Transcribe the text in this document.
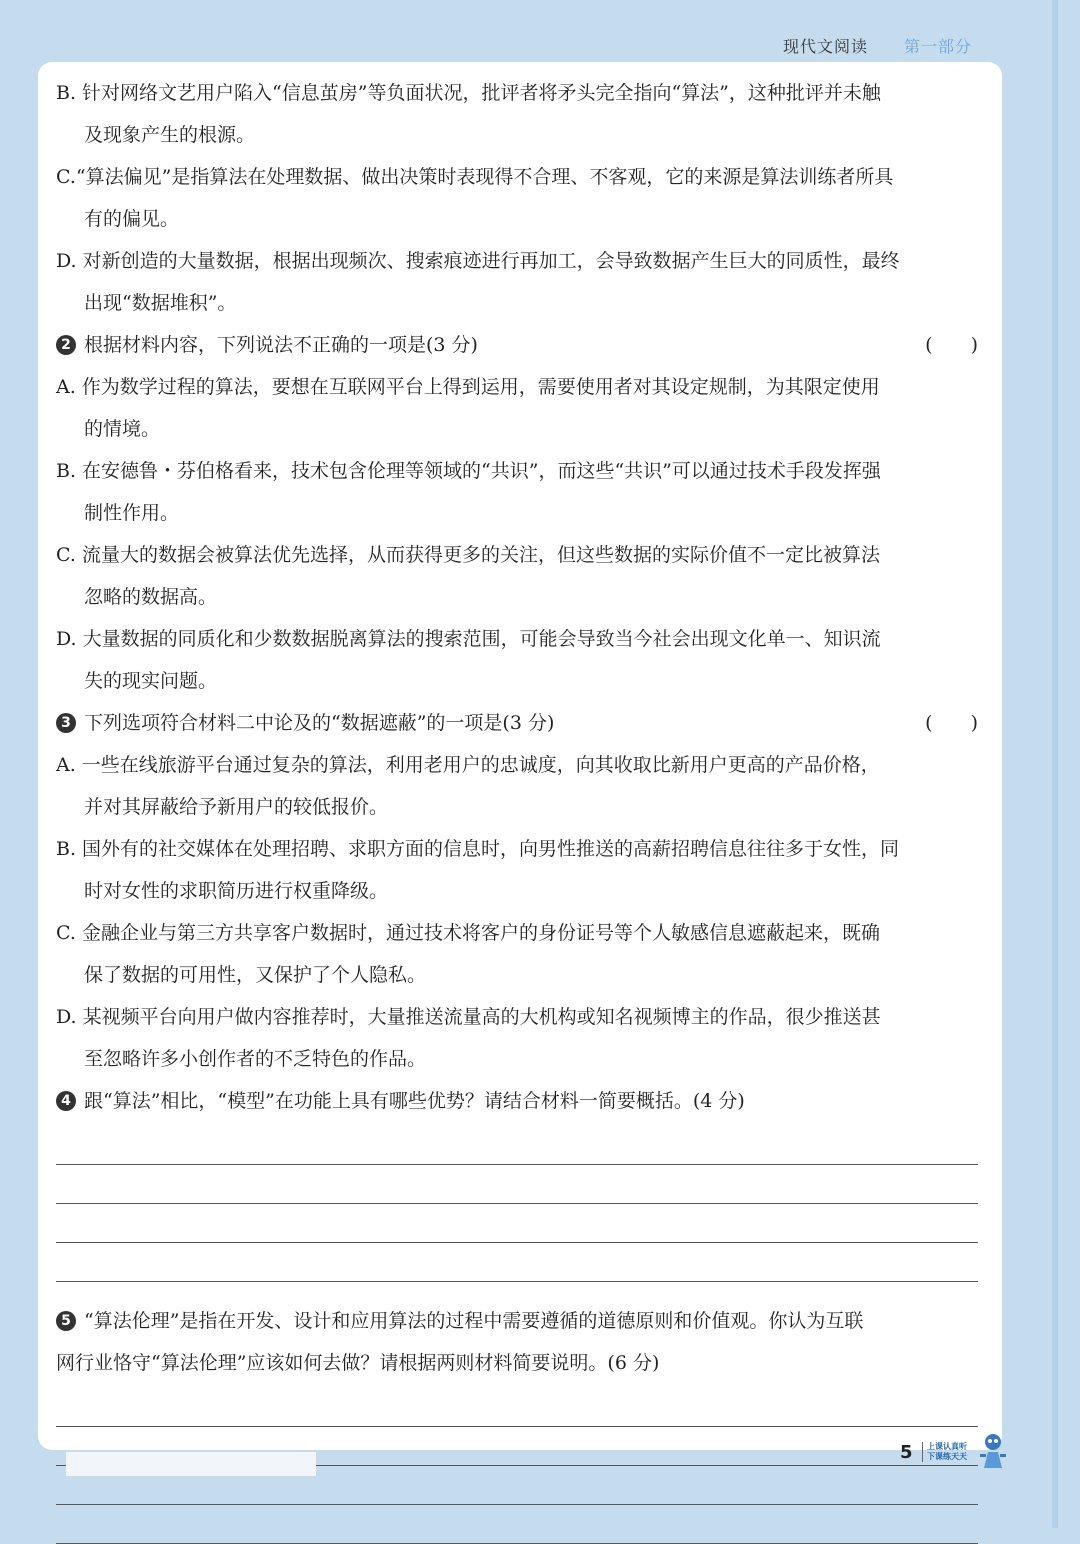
现代文阅读 第一部分
B. 针对网络文艺用户陷入“信息茧房”等负面状况，批评者将矛头完全指向“算法”，这种批评并未触
及现象产生的根源。
C.“算法偏见”是指算法在处理数据、做出决策时表现得不合理、不客观，它的来源是算法训练者所具
有的偏见。
D. 对新创造的大量数据，根据出现频次、搜索痕迹进行再加工，会导致数据产生巨大的同质性，最终
出现“数据堆积”。
2 根据材料内容，下列说法不正确的一项是(3 分)	(　　)
A. 作为数学过程的算法，要想在互联网平台上得到运用，需要使用者对其设定规制，为其限定使用
的情境。
B. 在安德鲁・芬伯格看来，技术包含伦理等领域的“共识”，而这些“共识”可以通过技术手段发挥强
制性作用。
C. 流量大的数据会被算法优先选择，从而获得更多的关注，但这些数据的实际价值不一定比被算法
忽略的数据高。
D. 大量数据的同质化和少数数据脱离算法的搜索范围，可能会导致当今社会出现文化单一、知识流
失的现实问题。
3 下列选项符合材料二中论及的“数据遮蔽”的一项是(3 分)	(　　)
A. 一些在线旅游平台通过复杂的算法，利用老用户的忠诚度，向其收取比新用户更高的产品价格，
并对其屏蔽给予新用户的较低报价。
B. 国外有的社交媒体在处理招聘、求职方面的信息时，向男性推送的高薪招聘信息往往多于女性，同
时对女性的求职简历进行权重降级。
C. 金融企业与第三方共享客户数据时，通过技术将客户的身份证号等个人敏感信息遮蔽起来，既确
保了数据的可用性，又保护了个人隐私。
D. 某视频平台向用户做内容推荐时，大量推送流量高的大机构或知名视频博主的作品，很少推送甚
至忽略许多小创作者的不乏特色的作品。
4 跟“算法”相比，“模型”在功能上具有哪些优势？请结合材料一简要概括。(4 分)
5 “算法伦理”是指在开发、设计和应用算法的过程中需要遵循的道德原则和价值观。你认为互联
网行业恪守“算法伦理”应该如何去做？请根据两则材料简要说明。(6 分)
5 上课认真听
下课练天天
